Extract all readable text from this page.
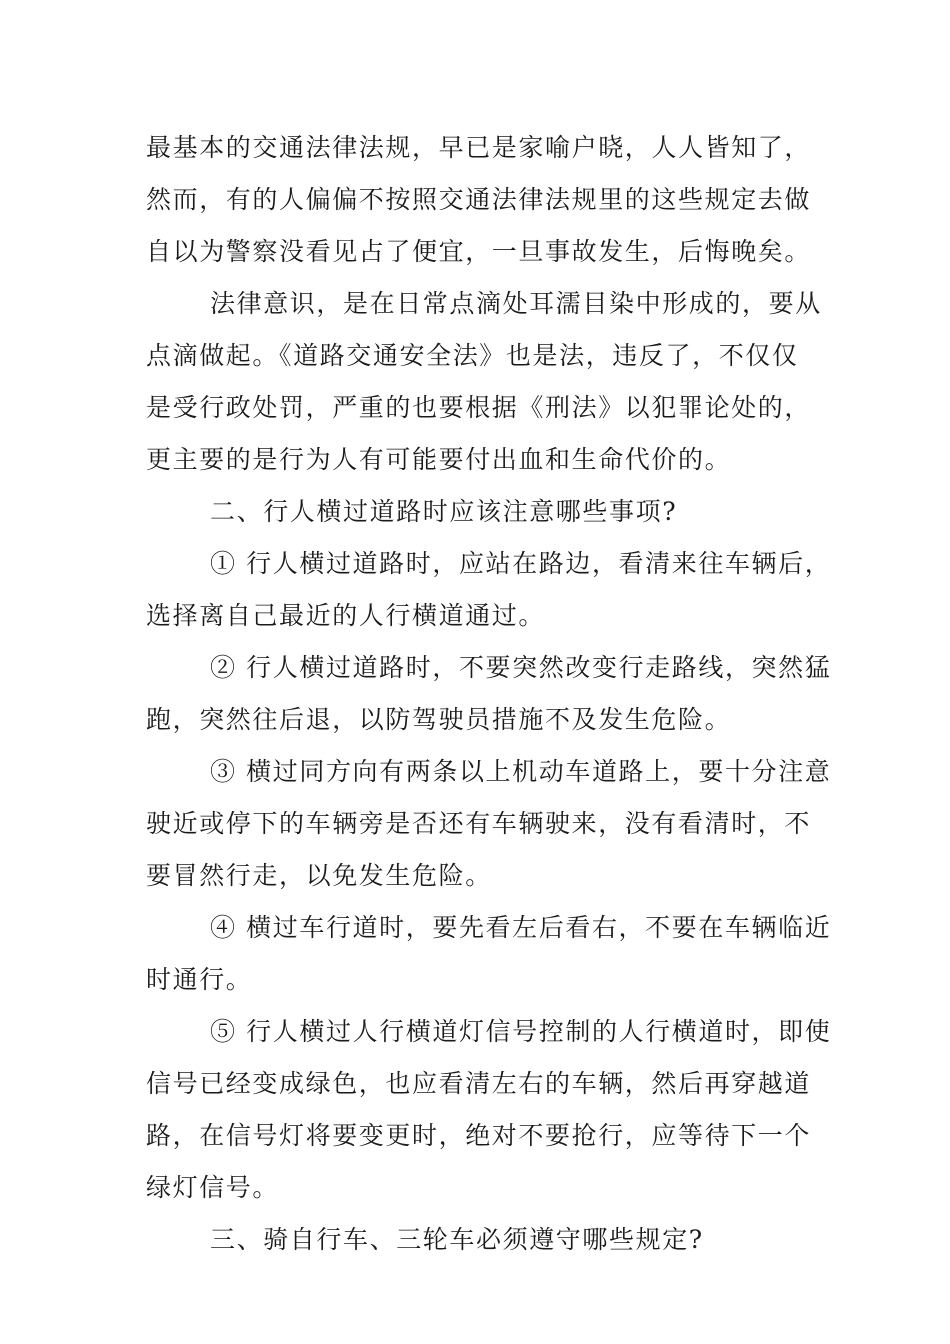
最基本的交通法律法规，早已是家喻户晓，人人皆知了，
然而，有的人偏偏不按照交通法律法规里的这些规定去做
自以为警察没看见占了便宜，一旦事故发生，后悔晚矣。
法律意识，是在日常点滴处耳濡目染中形成的，要从
点滴做起。《道路交通安全法》也是法，违反了，不仅仅
是受行政处罚，严重的也要根据《刑法》以犯罪论处的，
更主要的是行为人有可能要付出血和生命代价的。
二、行人横过道路时应该注意哪些事项?
① 行人横过道路时，应站在路边，看清来往车辆后，
选择离自己最近的人行横道通过。
② 行人横过道路时，不要突然改变行走路线，突然猛
跑，突然往后退，以防驾驶员措施不及发生危险。
③ 横过同方向有两条以上机动车道路上，要十分注意
驶近或停下的车辆旁是否还有车辆驶来，没有看清时，不
要冒然行走，以免发生危险。
④ 横过车行道时，要先看左后看右，不要在车辆临近
时通行。
⑤ 行人横过人行横道灯信号控制的人行横道时，即使
信号已经变成绿色，也应看清左右的车辆，然后再穿越道
路，在信号灯将要变更时，绝对不要抢行，应等待下一个
绿灯信号。
三、骑自行车、三轮车必须遵守哪些规定?
